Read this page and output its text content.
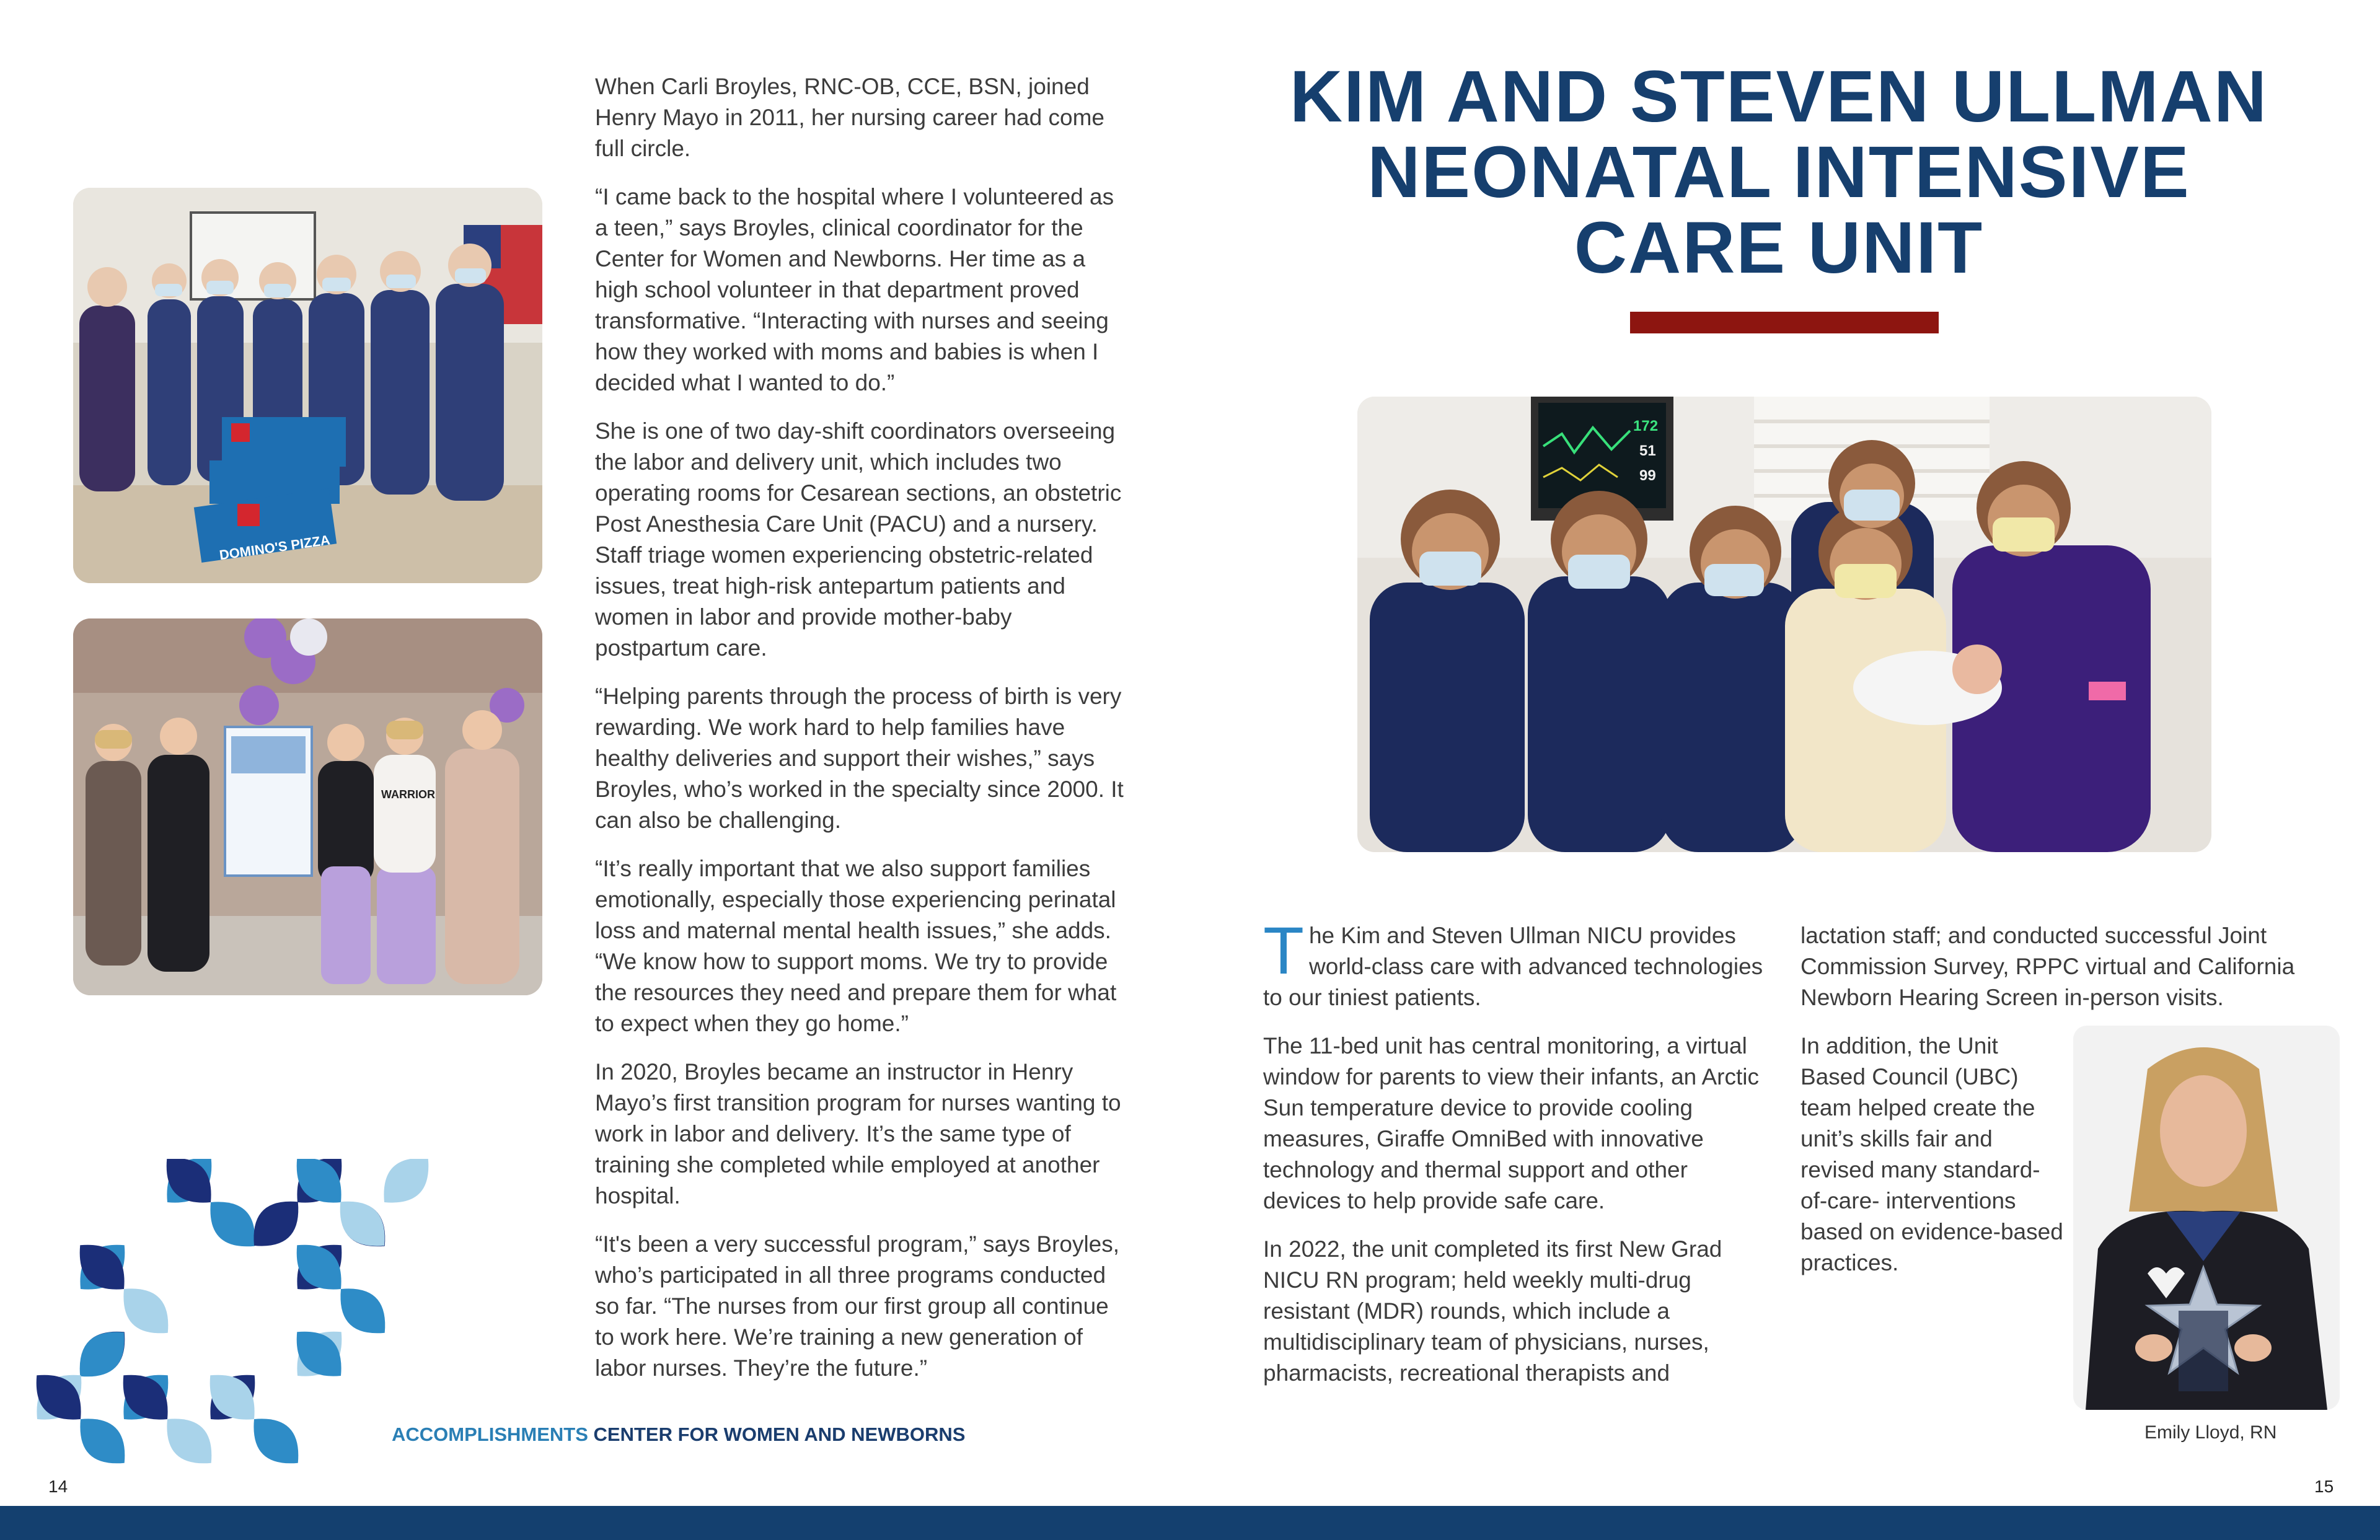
DOMINO'S PIZZA
WARRIOR

When Carli Broyles, RNC-OB, CCE, BSN, joined Henry Mayo in 2011, her nursing career had come full circle.

“I came back to the hospital where I volunteered as a teen,” says Broyles, clinical coordinator for the Center for Women and Newborns. Her time as a high school volunteer in that department proved transformative. “Interacting with nurses and seeing how they worked with moms and babies is when I decided what I wanted to do.”

She is one of two day-shift coordinators overseeing the labor and delivery unit, which includes two operating rooms for Cesarean sections, an obstetric Post Anesthesia Care Unit (PACU) and a nursery. Staff triage women experiencing obstetric-related issues, treat high-risk antepartum patients and women in labor and provide mother-baby postpartum care.

“Helping parents through the process of birth is very rewarding. We work hard to help families have healthy deliveries and support their wishes,” says Broyles, who’s worked in the specialty since 2000. It can also be challenging.

“It’s really important that we also support families emotionally, especially those experiencing perinatal loss and maternal mental health issues,” she adds. “We know how to support moms. We try to provide the resources they need and prepare them for what to expect when they go home.”

In 2020, Broyles became an instructor in Henry Mayo’s first transition program for nurses wanting to work in labor and delivery. It’s the same type of training she completed while employed at another hospital.

“It's been a very successful program,” says Broyles, who’s participated in all three programs conducted so far. “The nurses from our first group all continue to work here. We’re training a new generation of labor nurses. They’re the future.”

ACCOMPLISHMENTS CENTER FOR WOMEN AND NEWBORNS
14
KIM AND STEVEN ULLMAN
NEONATAL INTENSIVE
CARE UNIT
172
51
99

The Kim and Steven Ullman NICU provides world-class care with advanced technologies to our tiniest patients.

The 11-bed unit has central monitoring, a virtual window for parents to view their infants, an Arctic Sun temperature device to provide cooling measures, Giraffe OmniBed with innovative technology and thermal support and other devices to help provide safe care.

In 2022, the unit completed its first New Grad NICU RN program; held weekly multi-drug resistant (MDR) rounds, which include a multidisciplinary team of physicians, nurses, pharmacists, recreational therapists and

lactation staff; and conducted successful Joint Commission Survey, RPPC virtual and California Newborn Hearing Screen in-person visits.

In addition, the Unit Based Council (UBC) team helped create the unit’s skills fair and revised many standard-of-care- interventions based on evidence-based practices.

Emily Lloyd, RN
15
